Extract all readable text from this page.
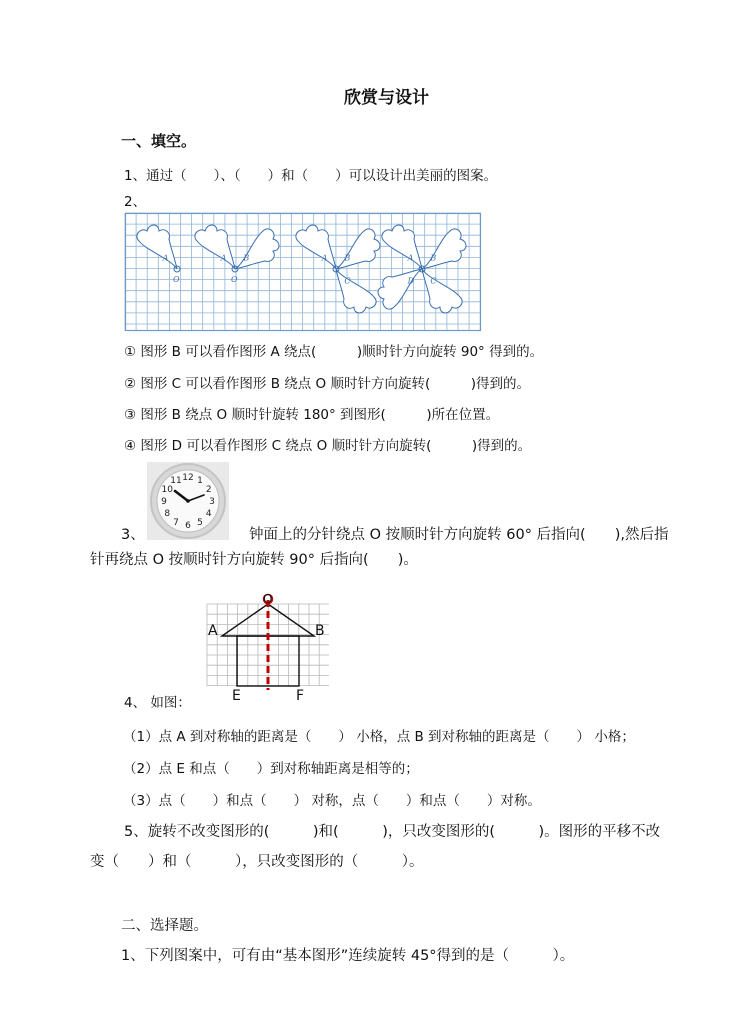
欣赏与设计
一、填空。
1、通过（　　）、（　　）和（　　）可以设计出美丽的图案。
2、
A
O
A B
O
A B
C
A B
C
D
① 图形 B 可以看作图形 A 绕点(　　　)顺时针方向旋转 90° 得到的。
② 图形 C 可以看作图形 B 绕点 O 顺时针方向旋转(　　　)得到的。
③ 图形 B 绕点 O 顺时针旋转 180° 到图形(　　　)所在位置。
④ 图形 D 可以看作图形 C 绕点 O 顺时针方向旋转(　　　)得到的。
12 1
2
3
4
5
6
7
8
9
10
11
3、	钟面上的分针绕点 O 按顺时针方向旋转 60° 后指向(　　),然后指
针再绕点 O 按顺时针方向旋转 90° 后指向(　　)。
O
A	B
E	F
4、 如图：
（1）点 A 到对称轴的距离是（　　） 小格，点 B 到对称轴的距离是（　　） 小格；
（2）点 E 和点（　　）到对称轴距离是相等的；
（3）点（　　）和点（　　） 对称，点（　　）和点（　　）对称。
5、旋转不改变图形的(　　　)和(　　　)，只改变图形的(　　　)。图形的平移不改
变（　　）和（　　　），只改变图形的（　　　）。
二、选择题。
1、下列图案中，可有由“基本图形”连续旋转 45°得到的是（　　　）。
